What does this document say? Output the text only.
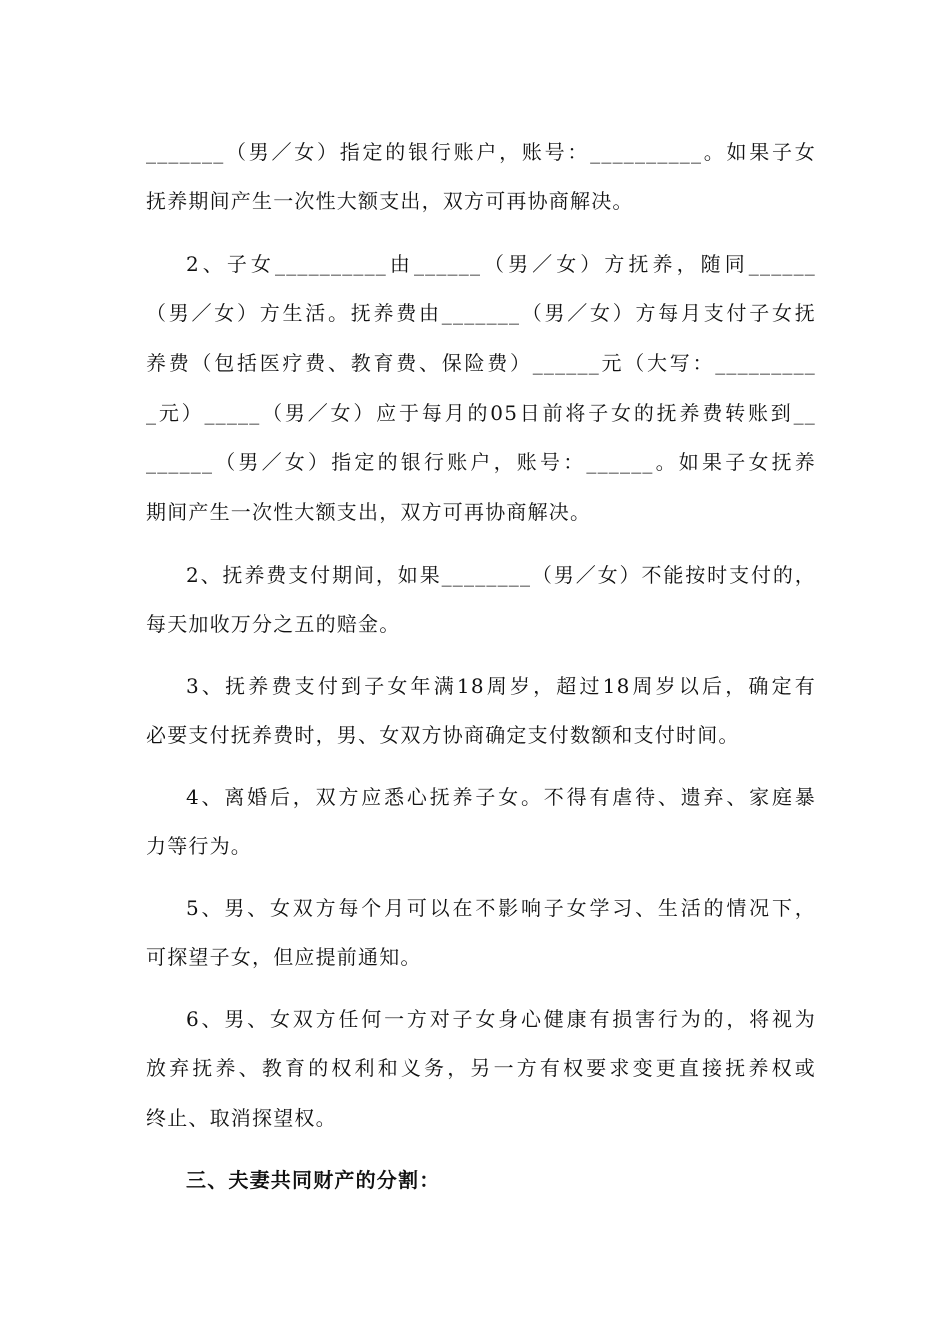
_______（男／女）指定的银行账户，账号：__________。如果子女
抚养期间产生一次性大额支出，双方可再协商解决。
2、子女__________由______（男／女）方抚养，随同______
（男／女）方生活。抚养费由_______（男／女）方每月支付子女抚
养费（包括医疗费、教育费、保险费）______元（大写：_________
_元）_____（男／女）应于每月的05日前将子女的抚养费转账到__
______（男／女）指定的银行账户，账号：______。如果子女抚养
期间产生一次性大额支出，双方可再协商解决。
2、抚养费支付期间，如果________（男／女）不能按时支付的，
每天加收万分之五的赔金。
3、抚养费支付到子女年满18周岁，超过18周岁以后，确定有
必要支付抚养费时，男、女双方协商确定支付数额和支付时间。
4、离婚后，双方应悉心抚养子女。不得有虐待、遗弃、家庭暴
力等行为。
5、男、女双方每个月可以在不影响子女学习、生活的情况下，
可探望子女，但应提前通知。
6、男、女双方任何一方对子女身心健康有损害行为的，将视为
放弃抚养、教育的权利和义务，另一方有权要求变更直接抚养权或
终止、取消探望权。
三、夫妻共同财产的分割：
